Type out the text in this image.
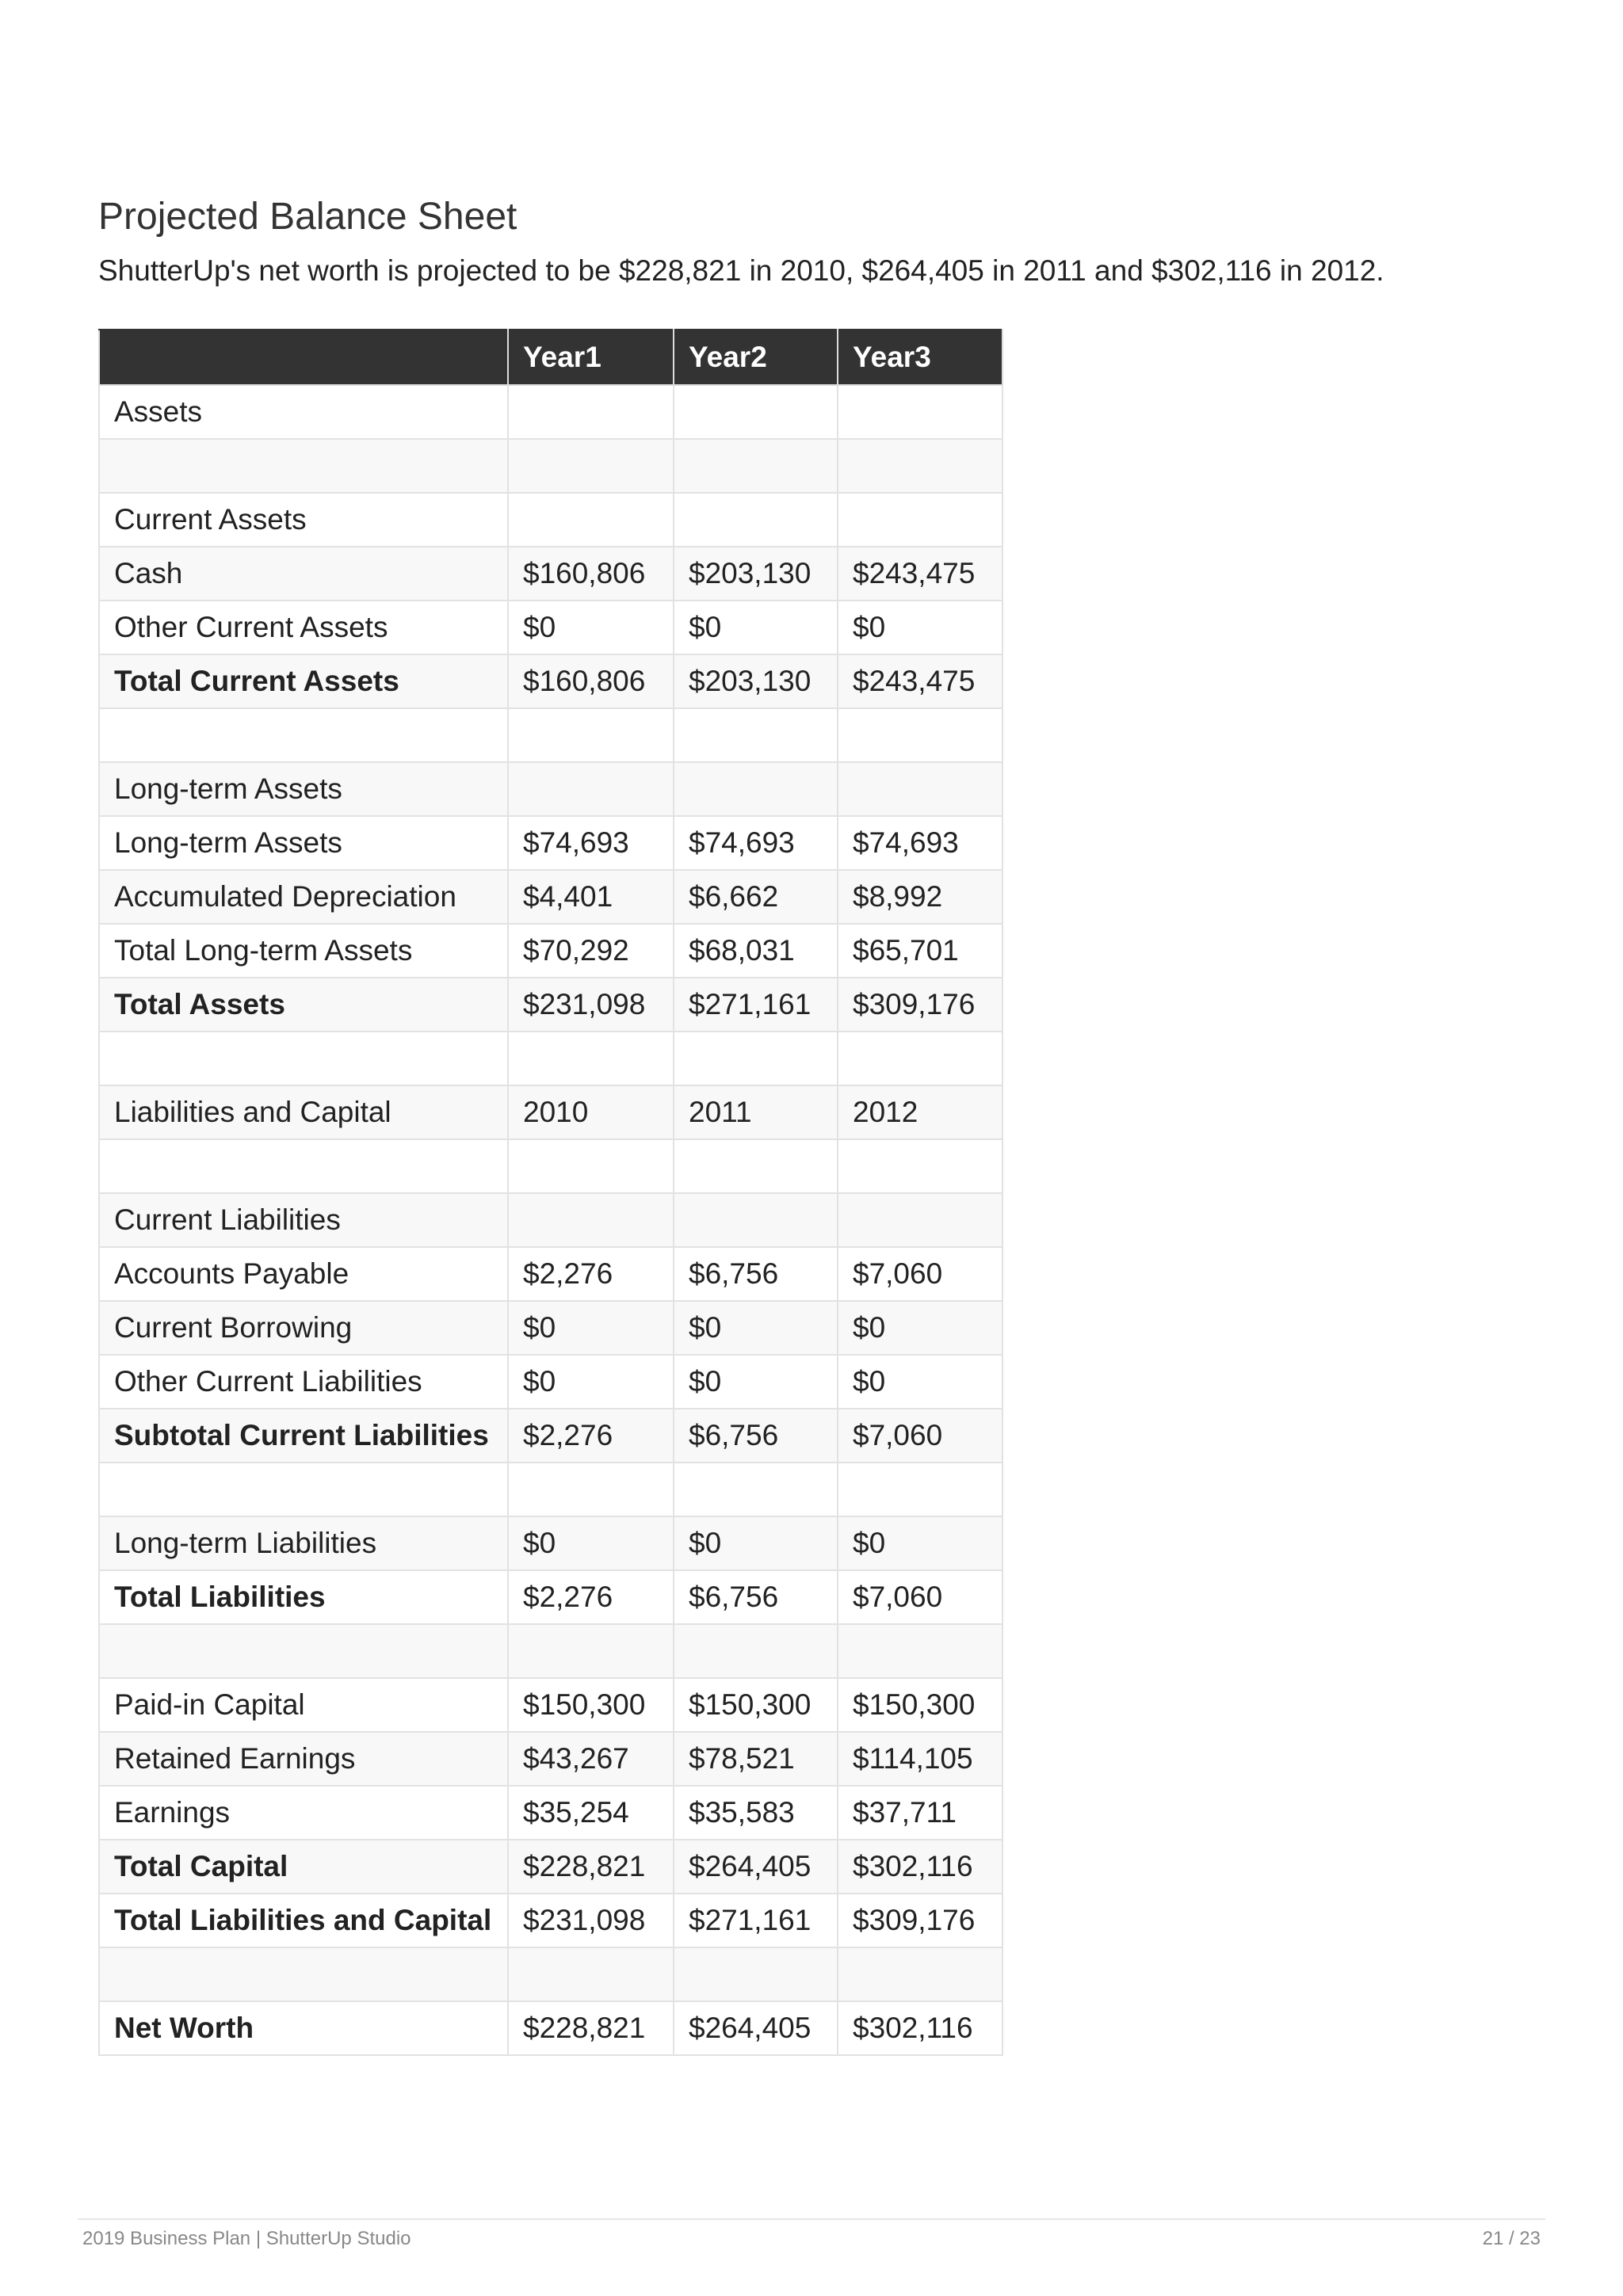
Projected Balance Sheet

ShutterUp's net worth is projected to be $228,821 in 2010, $264,405 in 2011 and $302,116 in 2012.

	Year1	Year2	Year3
Assets			

Current Assets			
Cash	$160,806	$203,130	$243,475
Other Current Assets	$0	$0	$0
Total Current Assets	$160,806	$203,130	$243,475

Long-term Assets			
Long-term Assets	$74,693	$74,693	$74,693
Accumulated Depreciation	$4,401	$6,662	$8,992
Total Long-term Assets	$70,292	$68,031	$65,701
Total Assets	$231,098	$271,161	$309,176

Liabilities and Capital	2010	2011	2012

Current Liabilities			
Accounts Payable	$2,276	$6,756	$7,060
Current Borrowing	$0	$0	$0
Other Current Liabilities	$0	$0	$0
Subtotal Current Liabilities	$2,276	$6,756	$7,060

Long-term Liabilities	$0	$0	$0
Total Liabilities	$2,276	$6,756	$7,060

Paid-in Capital	$150,300	$150,300	$150,300
Retained Earnings	$43,267	$78,521	$114,105
Earnings	$35,254	$35,583	$37,711
Total Capital	$228,821	$264,405	$302,116
Total Liabilities and Capital	$231,098	$271,161	$309,176

Net Worth	$228,821	$264,405	$302,116
2019 Business Plan | ShutterUp Studio	21 / 23
